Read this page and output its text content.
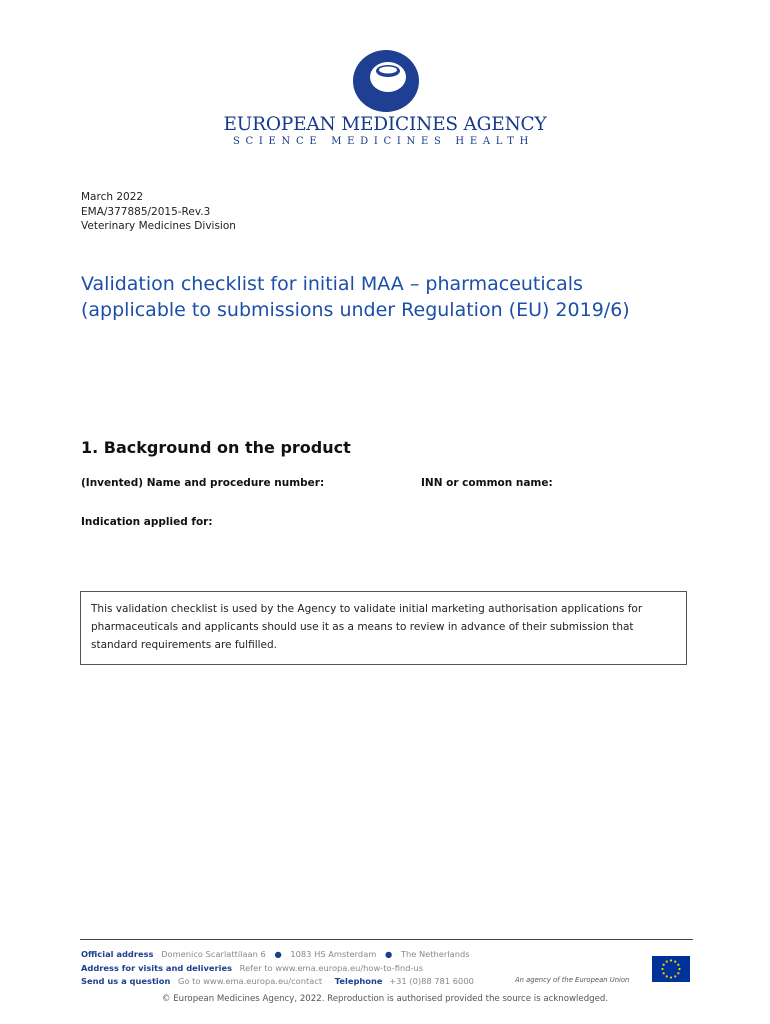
EUROPEAN MEDICINES AGENCY
SCIENCE MEDICINES HEALTH
March 2022
EMA/377885/2015-Rev.3
Veterinary Medicines Division
Validation checklist for initial MAA – pharmaceuticals
(applicable to submissions under Regulation (EU) 2019/6)
1. Background on the product
(Invented) Name and procedure number:	INN or common name:
Indication applied for:
This validation checklist is used by the Agency to validate initial marketing authorisation applications for pharmaceuticals and applicants should use it as a means to review in advance of their submission that standard requirements are fulfilled.
Official address Domenico Scarlattilaan 6 ● 1083 HS Amsterdam ● The Netherlands
Address for visits and deliveries Refer to www.ema.europa.eu/how-to-find-us
Send us a question Go to www.ema.europa.eu/contact Telephone +31 (0)88 781 6000	An agency of the European Union
© European Medicines Agency, 2022. Reproduction is authorised provided the source is acknowledged.
